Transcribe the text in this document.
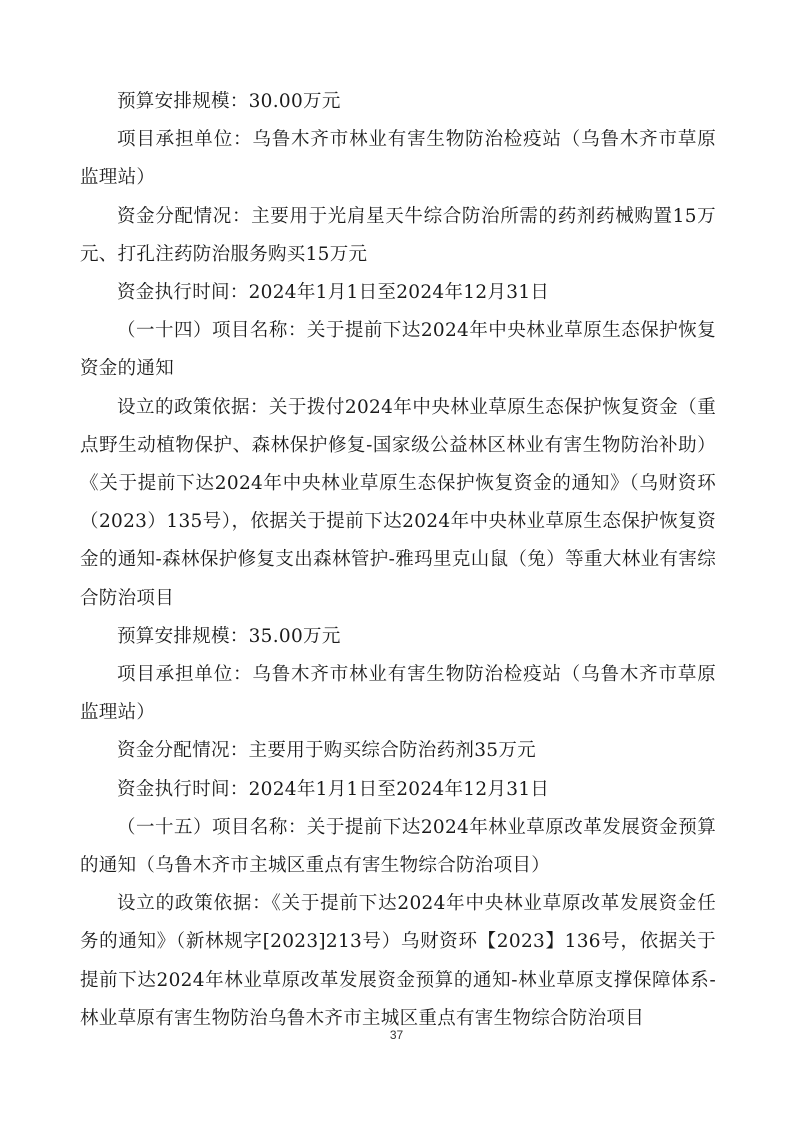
预算安排规模：30.00万元

项目承担单位：乌鲁木齐市林业有害生物防治检疫站（乌鲁木齐市草原监理站）

资金分配情况：主要用于光肩星天牛综合防治所需的药剂药械购置15万元、打孔注药防治服务购买15万元

资金执行时间：2024年1月1日至2024年12月31日

（一十四）项目名称：关于提前下达2024年中央林业草原生态保护恢复资金的通知

设立的政策依据：关于拨付2024年中央林业草原生态保护恢复资金（重点野生动植物保护、森林保护修复-国家级公益林区林业有害生物防治补助）《关于提前下达2024年中央林业草原生态保护恢复资金的通知》（乌财资环（2023）135号），依据关于提前下达2024年中央林业草原生态保护恢复资金的通知-森林保护修复支出森林管护-雅玛里克山鼠（兔）等重大林业有害综合防治项目

预算安排规模：35.00万元

项目承担单位：乌鲁木齐市林业有害生物防治检疫站（乌鲁木齐市草原监理站）

资金分配情况：主要用于购买综合防治药剂35万元

资金执行时间：2024年1月1日至2024年12月31日

（一十五）项目名称：关于提前下达2024年林业草原改革发展资金预算的通知（乌鲁木齐市主城区重点有害生物综合防治项目）

设立的政策依据：《关于提前下达2024年中央林业草原改革发展资金任务的通知》（新林规字[2023]213号）乌财资环【2023】136号，依据关于提前下达2024年林业草原改革发展资金预算的通知-林业草原支撑保障体系-林业草原有害生物防治乌鲁木齐市主城区重点有害生物综合防治项目

37
